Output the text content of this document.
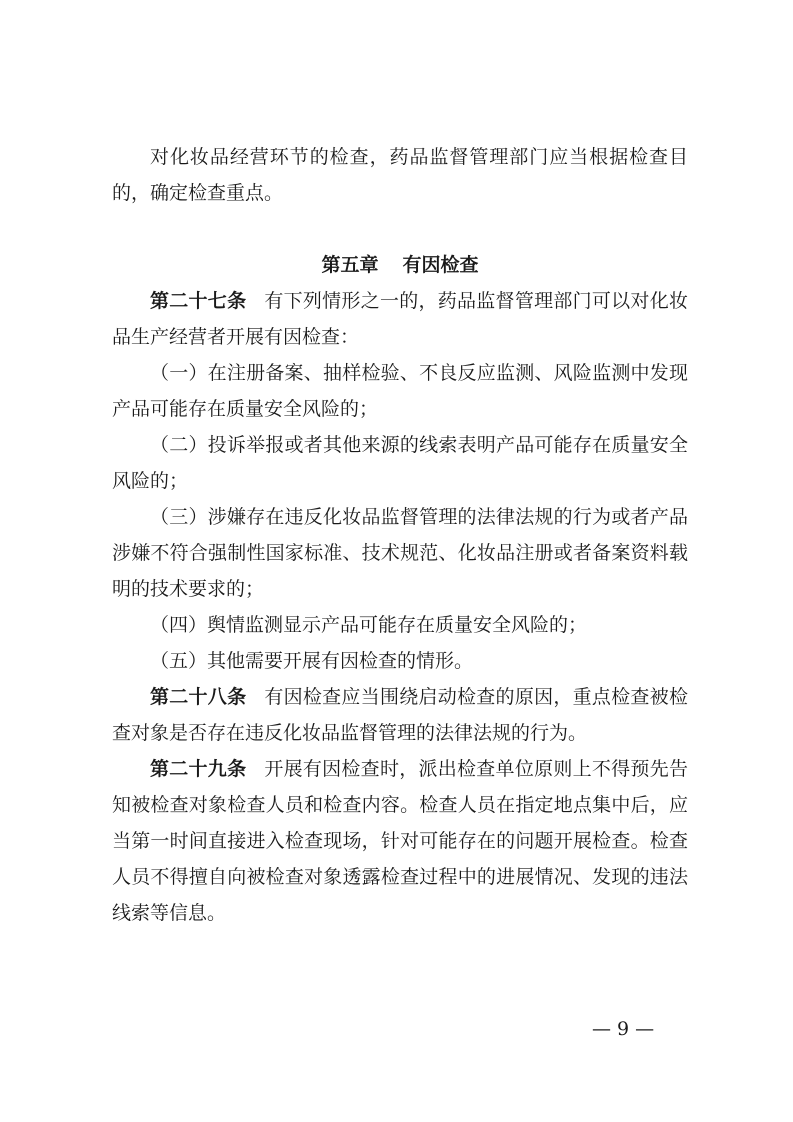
对化妆品经营环节的检查，药品监督管理部门应当根据检查目的，确定检查重点。

第五章 有因检查

第二十七条 有下列情形之一的，药品监督管理部门可以对化妆品生产经营者开展有因检查：

（一）在注册备案、抽样检验、不良反应监测、风险监测中发现产品可能存在质量安全风险的；

（二）投诉举报或者其他来源的线索表明产品可能存在质量安全风险的；

（三）涉嫌存在违反化妆品监督管理的法律法规的行为或者产品涉嫌不符合强制性国家标准、技术规范、化妆品注册或者备案资料载明的技术要求的；

（四）舆情监测显示产品可能存在质量安全风险的；

（五）其他需要开展有因检查的情形。

第二十八条 有因检查应当围绕启动检查的原因，重点检查被检查对象是否存在违反化妆品监督管理的法律法规的行为。

第二十九条 开展有因检查时，派出检查单位原则上不得预先告知被检查对象检查人员和检查内容。检查人员在指定地点集中后，应当第一时间直接进入检查现场，针对可能存在的问题开展检查。检查人员不得擅自向被检查对象透露检查过程中的进展情况、发现的违法线索等信息。

— 9 —
